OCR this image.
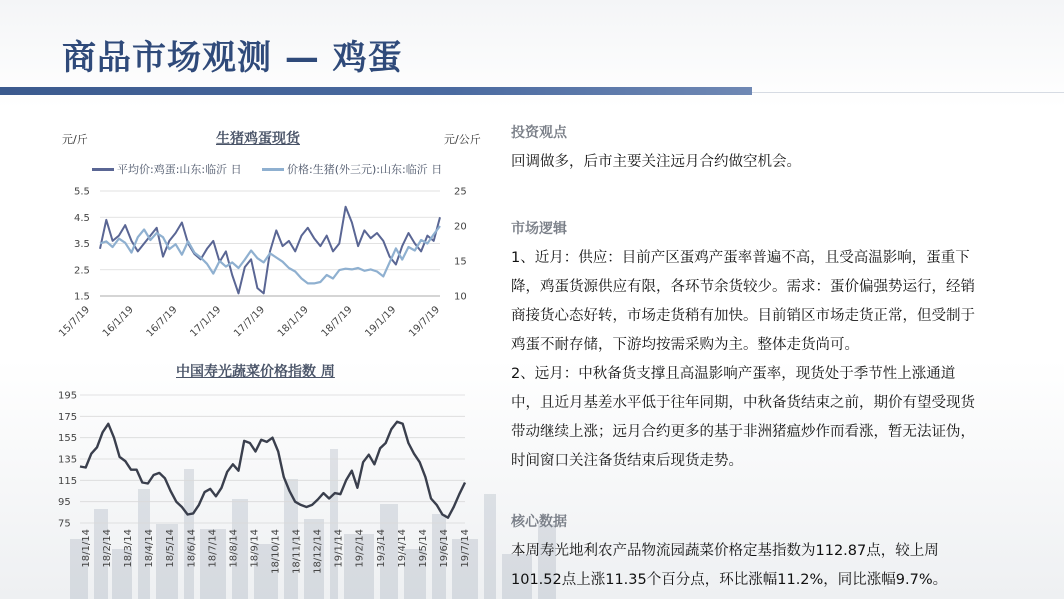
商品市场观测 — 鸡蛋
生猪鸡蛋现货
元/斤	元/公斤
平均价:鸡蛋:山东:临沂 日	价格:生猪(外三元):山东:临沂 日
5.5
4.5
3.5
2.5
1.5
25
20
15
10
15/7/19 16/1/19 16/7/19 17/1/19 17/7/19 18/1/19 18/7/19 19/1/19 19/7/19
中国寿光蔬菜价格指数 周
195
175
155
135
115
95
75
18/1/14 18/2/14 18/3/14 18/4/14 18/5/14 18/6/14 18/7/14 18/8/14 18/9/14 18/10/14 18/11/14 18/12/14 19/1/14 19/2/14 19/3/14 19/4/14 19/5/14 19/6/14 19/7/14
投资观点
回调做多，后市主要关注远月合约做空机会。
市场逻辑
1、近月：供应：目前产区蛋鸡产蛋率普遍不高，且受高温影响，蛋重下降，鸡蛋货源供应有限，各环节余货较少。需求：蛋价偏强势运行，经销商接货心态好转，市场走货稍有加快。目前销区市场走货正常，但受制于鸡蛋不耐存储，下游均按需采购为主。整体走货尚可。
2、远月：中秋备货支撑且高温影响产蛋率，现货处于季节性上涨通道中，且近月基差水平低于往年同期，中秋备货结束之前，期价有望受现货带动继续上涨；远月合约更多的基于非洲猪瘟炒作而看涨，暂无法证伪，时间窗口关注备货结束后现货走势。
核心数据
本周寿光地利农产品物流园蔬菜价格定基指数为112.87点，较上周101.52点上涨11.35个百分点，环比涨幅11.2%，同比涨幅9.7%。
